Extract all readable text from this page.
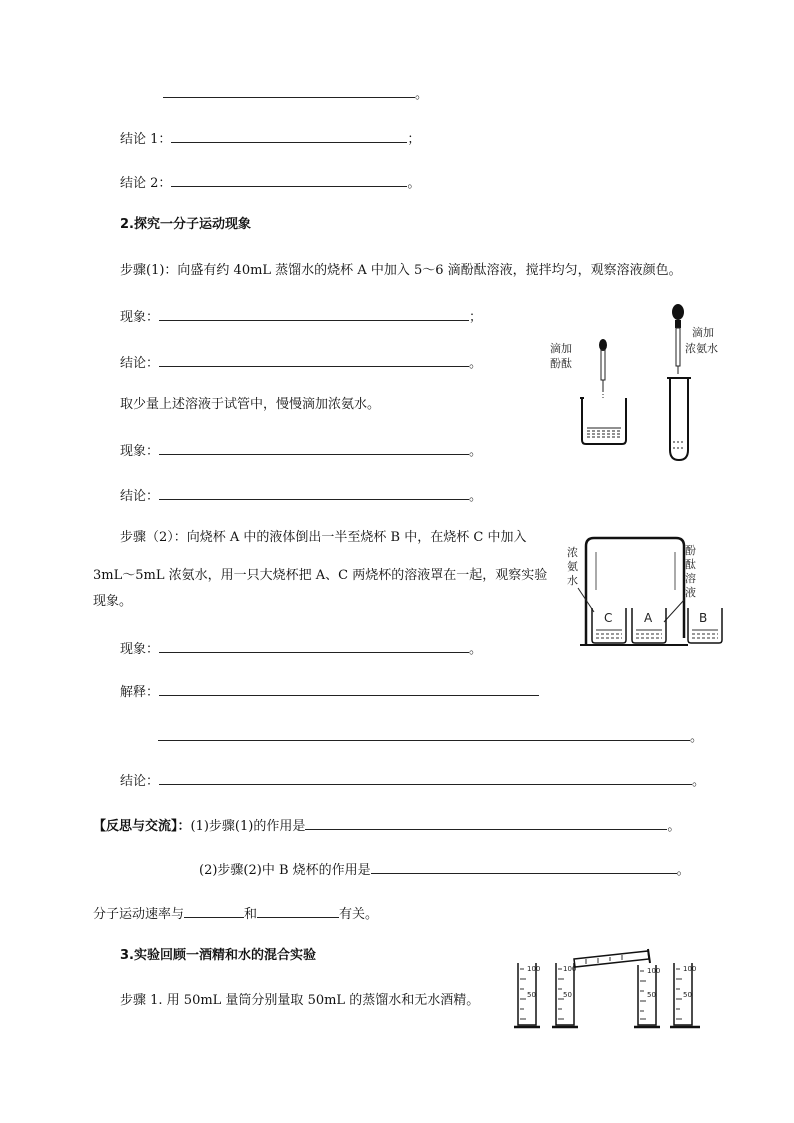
。
结论 1：	；
结论 2：	。
2.探究一分子运动现象
步骤(1)：向盛有约 40mL 蒸馏水的烧杯 A 中加入 5～6 滴酚酞溶液，搅拌均匀，观察溶液颜色。
现象：	；
结论：	。
取少量上述溶液于试管中，慢慢滴加浓氨水。
现象：	。
结论：	。
步骤（2）：向烧杯 A 中的液体倒出一半至烧杯 B 中，在烧杯 C 中加入
3mL～5mL 浓氨水，用一只大烧杯把 A、C 两烧杯的溶液罩在一起，观察实验
现象。
现象：	。
解释：
。
结论：	。
【反思与交流】：(1)步骤(1)的作用是	。
(2)步骤(2)中 B 烧杯的作用是	。
分子运动速率与	和	有关。
3.实验回顾一酒精和水的混合实验
步骤 1. 用 50mL 量筒分别量取 50mL 的蒸馏水和无水酒精。
滴加
酚酞
滴加
浓氨水
浓
氨
水
酚
酞
溶
液
C	A	B
100
50
100
50
100
50
100
50
